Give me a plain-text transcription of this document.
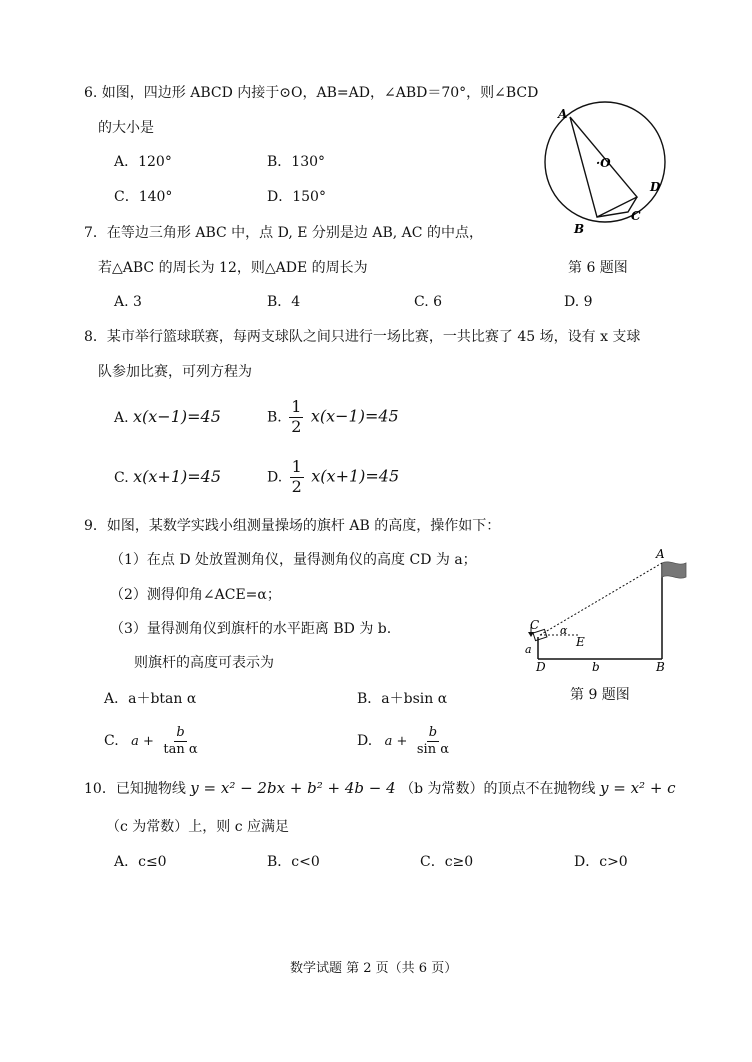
6. 如图，四边形 ABCD 内接于⊙O，AB=AD，∠ABD＝70°，则∠BCD
的大小是
A．120°	B．130°
C．140°	D．150°
A
·O
D
C
B
第 6 题图
7．在等边三角形 ABC 中，点 D, E 分别是边 AB, AC 的中点，
若△ABC 的周长为 12，则△ADE 的周长为
A. 3	B．4	C. 6	D. 9
8．某市举行篮球联赛，每两支球队之间只进行一场比赛，一共比赛了 45 场，设有 x 支球
队参加比赛，可列方程为
A. x(x−1)=45	B. $\frac{1}{2} x(x-1)=45$
C. x(x+1)=45	D. $\frac{1}{2} x(x+1)=45$
9．如图，某数学实践小组测量操场的旗杆 AB 的高度，操作如下：
（1）在点 D 处放置测角仪，量得测角仪的高度 CD 为 a；
（2）测得仰角∠ACE=α；
（3）量得测角仪到旗杆的水平距离 BD 为 b.
则旗杆的高度可表示为
A．a＋btan α	B．a＋bsin α
C. $a + \frac{b}{\text{tan α}}$	D. $a + \frac{b}{\text{sin α}}$
A
C α
E
a
D	b	B
第 9 题图
10．已知抛物线 y = x² − 2bx + b² + 4b − 4 （b 为常数）的顶点不在抛物线 y = x² + c
（c 为常数）上，则 c 应满足
A．c≤0	B．c<0	C．c≥0	D．c>0
数学试题 第 2 页（共 6 页）
